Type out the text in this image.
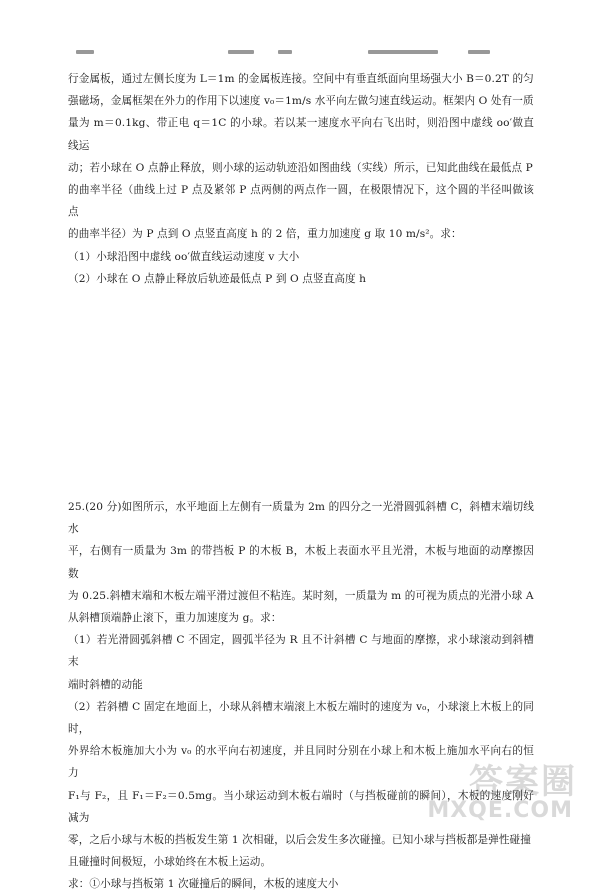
行金属板，通过左侧长度为 L＝1m 的金属板连接。空间中有垂直纸面向里场强大小 B＝0.2T 的匀

强磁场，金属框架在外力的作用下以速度 v₀＝1m/s 水平向左做匀速直线运动。框架内 O 处有一质

量为 m＝0.1kg、带正电 q＝1C 的小球。若以某一速度水平向右飞出时，则沿图中虚线 oo′做直线运

动；若小球在 O 点静止释放，则小球的运动轨迹沿如图曲线（实线）所示，已知此曲线在最低点 P

的曲率半径（曲线上过 P 点及紧邻 P 点两侧的两点作一圆，在极限情况下，这个圆的半径叫做该点

的曲率半径）为 P 点到 O 点竖直高度 h 的 2 倍，重力加速度 g 取 10 m/s²。求：

（1）小球沿图中虚线 oo′做直线运动速度 v 大小

（2）小球在 O 点静止释放后轨迹最低点 P 到 O 点竖直高度 h

25.(20 分)如图所示，水平地面上左侧有一质量为 2m 的四分之一光滑圆弧斜槽 C，斜槽末端切线水

平，右侧有一质量为 3m 的带挡板 P 的木板 B，木板上表面水平且光滑，木板与地面的动摩擦因数

为 0.25.斜槽末端和木板左端平滑过渡但不粘连。某时刻，一质量为 m 的可视为质点的光滑小球 A

从斜槽顶端静止滚下，重力加速度为 g。求：

（1）若光滑圆弧斜槽 C 不固定，圆弧半径为 R 且不计斜槽 C 与地面的摩擦，求小球滚动到斜槽末

端时斜槽的动能

（2）若斜槽 C 固定在地面上，小球从斜槽末端滚上木板左端时的速度为 v₀，小球滚上木板上的同时，

外界给木板施加大小为 v₀ 的水平向右初速度，并且同时分别在小球上和木板上施加水平向右的恒力

F₁与 F₂，且 F₁＝F₂＝0.5mg。当小球运动到木板右端时（与挡板碰前的瞬间），木板的速度刚好减为

零，之后小球与木板的挡板发生第 1 次相碰，以后会发生多次碰撞。已知小球与挡板都是弹性碰撞

且碰撞时间极短，小球始终在木板上运动。

求：①小球与挡板第 1 次碰撞后的瞬间，木板的速度大小

答案圈
MXQE.COM
